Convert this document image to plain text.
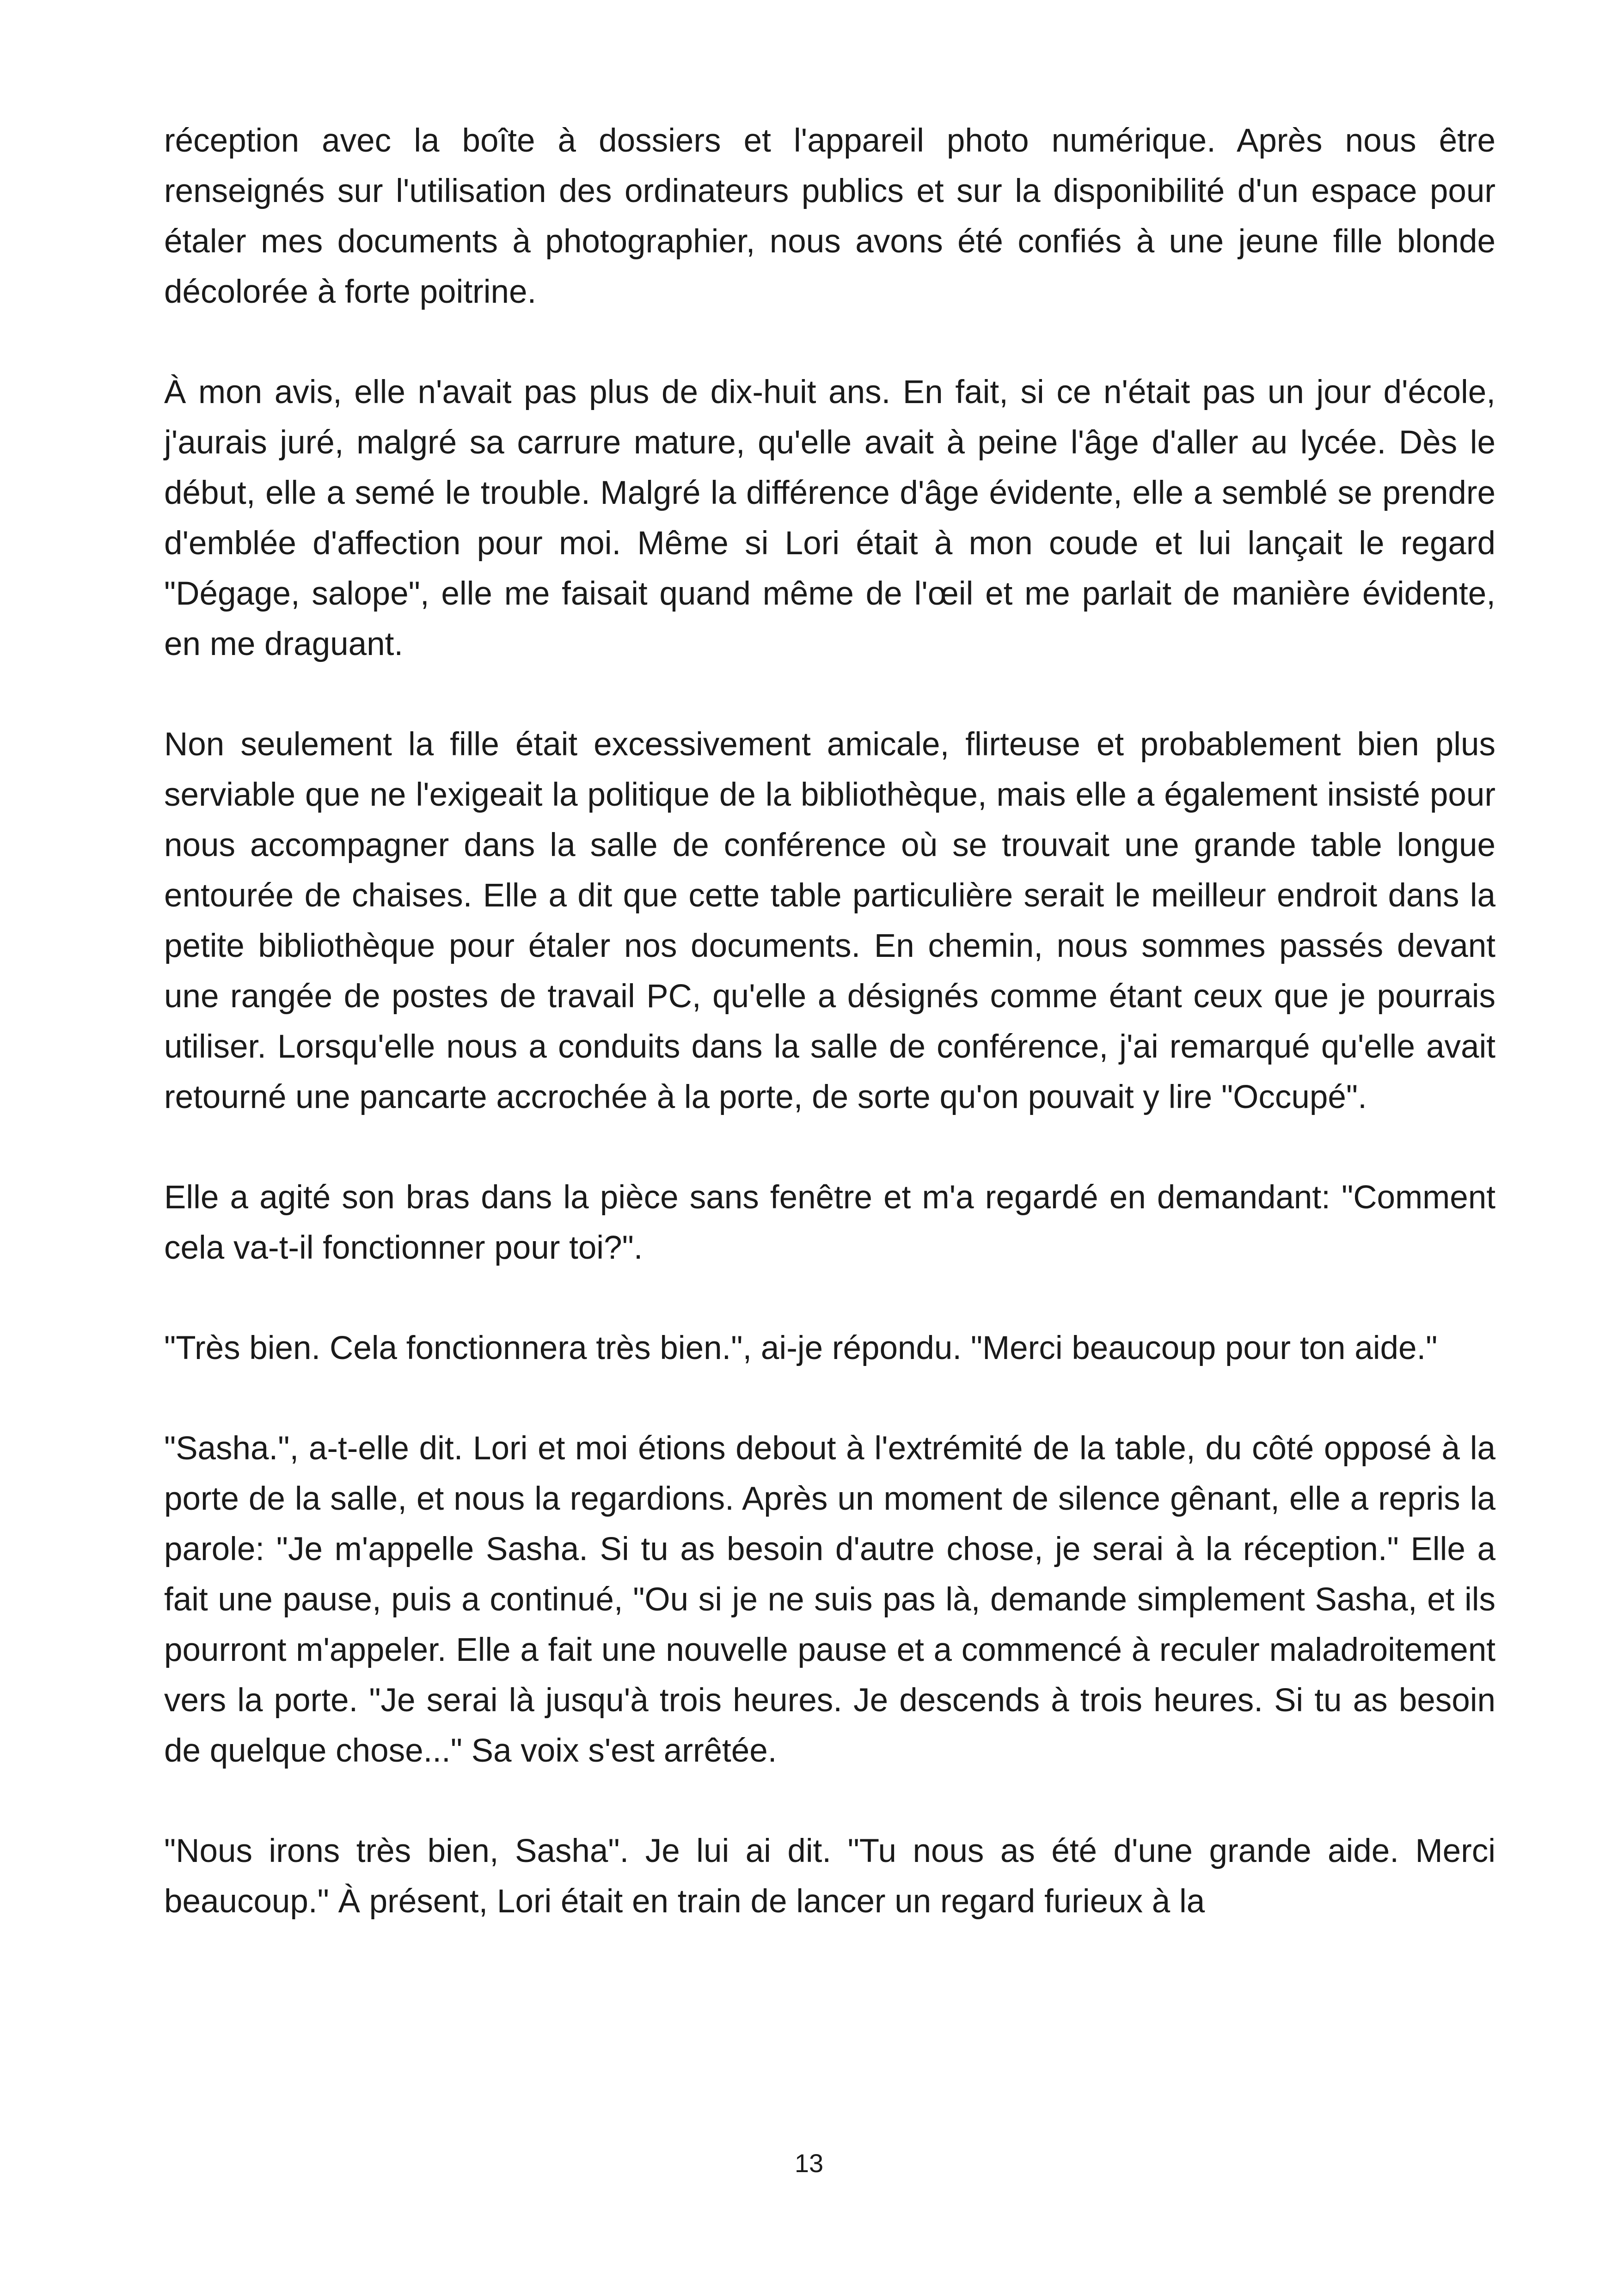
réception avec la boîte à dossiers et l'appareil photo numérique. Après nous être renseignés sur l'utilisation des ordinateurs publics et sur la disponibilité d'un espace pour étaler mes documents à photographier, nous avons été confiés à une jeune fille blonde décolorée à forte poitrine.

À mon avis, elle n'avait pas plus de dix-huit ans. En fait, si ce n'était pas un jour d'école, j'aurais juré, malgré sa carrure mature, qu'elle avait à peine l'âge d'aller au lycée. Dès le début, elle a semé le trouble. Malgré la différence d'âge évidente, elle a semblé se prendre d'emblée d'affection pour moi. Même si Lori était à mon coude et lui lançait le regard "Dégage, salope", elle me faisait quand même de l'œil et me parlait de manière évidente, en me draguant.

Non seulement la fille était excessivement amicale, flirteuse et probablement bien plus serviable que ne l'exigeait la politique de la bibliothèque, mais elle a également insisté pour nous accompagner dans la salle de conférence où se trouvait une grande table longue entourée de chaises. Elle a dit que cette table particulière serait le meilleur endroit dans la petite bibliothèque pour étaler nos documents. En chemin, nous sommes passés devant une rangée de postes de travail PC, qu'elle a désignés comme étant ceux que je pourrais utiliser. Lorsqu'elle nous a conduits dans la salle de conférence, j'ai remarqué qu'elle avait retourné une pancarte accrochée à la porte, de sorte qu'on pouvait y lire "Occupé".

Elle a agité son bras dans la pièce sans fenêtre et m'a regardé en demandant: "Comment cela va-t-il fonctionner pour toi?".

"Très bien. Cela fonctionnera très bien.", ai-je répondu. "Merci beaucoup pour ton aide."

"Sasha.", a-t-elle dit. Lori et moi étions debout à l'extrémité de la table, du côté opposé à la porte de la salle, et nous la regardions. Après un moment de silence gênant, elle a repris la parole: "Je m'appelle Sasha. Si tu as besoin d'autre chose, je serai à la réception." Elle a fait une pause, puis a continué, "Ou si je ne suis pas là, demande simplement Sasha, et ils pourront m'appeler. Elle a fait une nouvelle pause et a commencé à reculer maladroitement vers la porte. "Je serai là jusqu'à trois heures. Je descends à trois heures. Si tu as besoin de quelque chose..." Sa voix s'est arrêtée.

"Nous irons très bien, Sasha". Je lui ai dit. "Tu nous as été d'une grande aide. Merci beaucoup." À présent, Lori était en train de lancer un regard furieux à la

13
